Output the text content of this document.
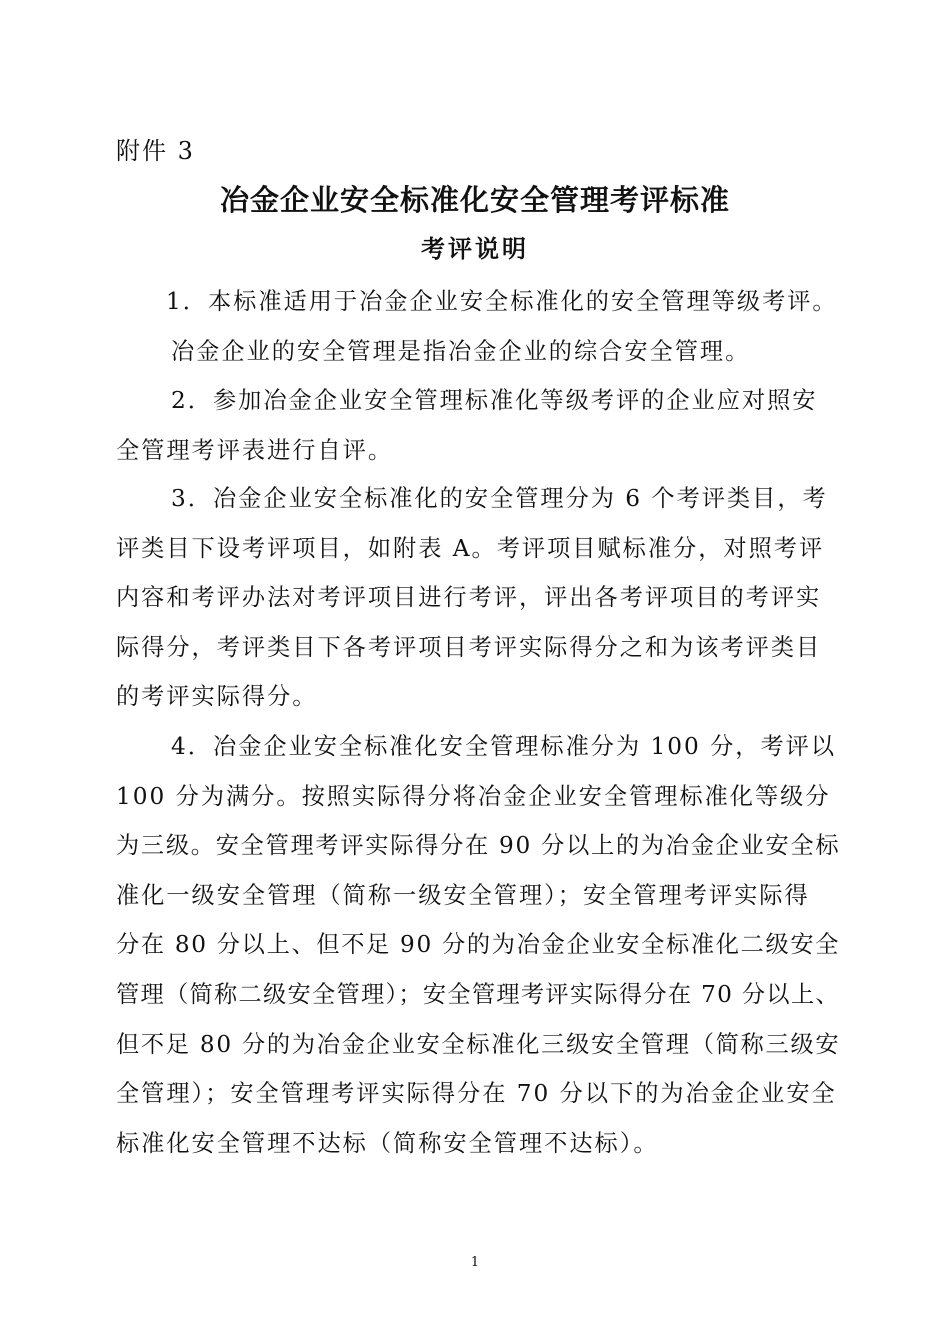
附件 3
冶金企业安全标准化安全管理考评标准
考评说明
1．本标准适用于冶金企业安全标准化的安全管理等级考评。
冶金企业的安全管理是指冶金企业的综合安全管理。
2．参加冶金企业安全管理标准化等级考评的企业应对照安
全管理考评表进行自评。
3．冶金企业安全标准化的安全管理分为 6 个考评类目，考
评类目下设考评项目，如附表 A。考评项目赋标准分，对照考评
内容和考评办法对考评项目进行考评，评出各考评项目的考评实
际得分，考评类目下各考评项目考评实际得分之和为该考评类目
的考评实际得分。
4．冶金企业安全标准化安全管理标准分为 100 分，考评以
100 分为满分。按照实际得分将冶金企业安全管理标准化等级分
为三级。安全管理考评实际得分在 90 分以上的为冶金企业安全标
准化一级安全管理（简称一级安全管理）；安全管理考评实际得
分在 80 分以上、但不足 90 分的为冶金企业安全标准化二级安全
管理（简称二级安全管理）；安全管理考评实际得分在 70 分以上、
但不足 80 分的为冶金企业安全标准化三级安全管理（简称三级安
全管理）；安全管理考评实际得分在 70 分以下的为冶金企业安全
标准化安全管理不达标（简称安全管理不达标）。
1
